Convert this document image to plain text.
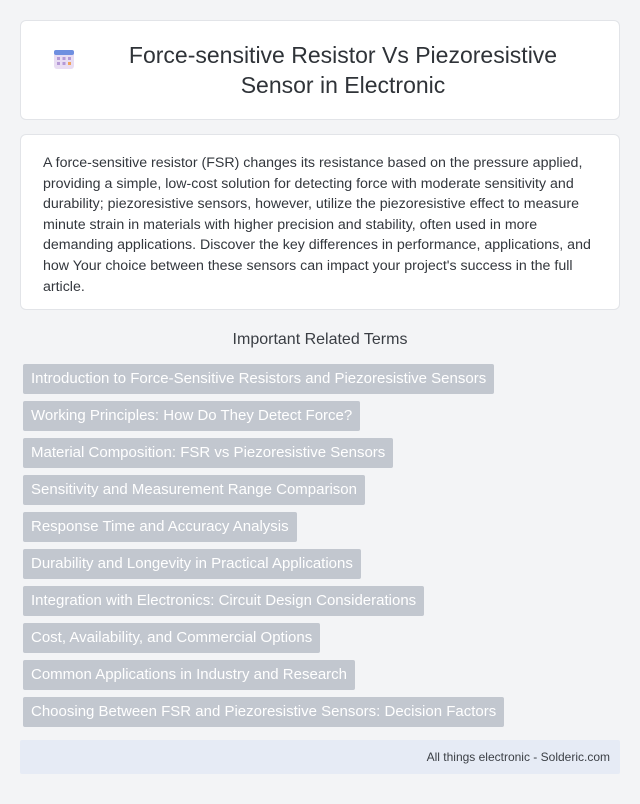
Force-sensitive Resistor Vs Piezoresistive Sensor in Electronic

A force-sensitive resistor (FSR) changes its resistance based on the pressure applied, providing a simple, low-cost solution for detecting force with moderate sensitivity and durability; piezoresistive sensors, however, utilize the piezoresistive effect to measure minute strain in materials with higher precision and stability, often used in more demanding applications. Discover the key differences in performance, applications, and how Your choice between these sensors can impact your project's success in the full article.

Important Related Terms
Introduction to Force-Sensitive Resistors and Piezoresistive Sensors
Working Principles: How Do They Detect Force?
Material Composition: FSR vs Piezoresistive Sensors
Sensitivity and Measurement Range Comparison
Response Time and Accuracy Analysis
Durability and Longevity in Practical Applications
Integration with Electronics: Circuit Design Considerations
Cost, Availability, and Commercial Options
Common Applications in Industry and Research
Choosing Between FSR and Piezoresistive Sensors: Decision Factors
All things electronic - Solderic.com
